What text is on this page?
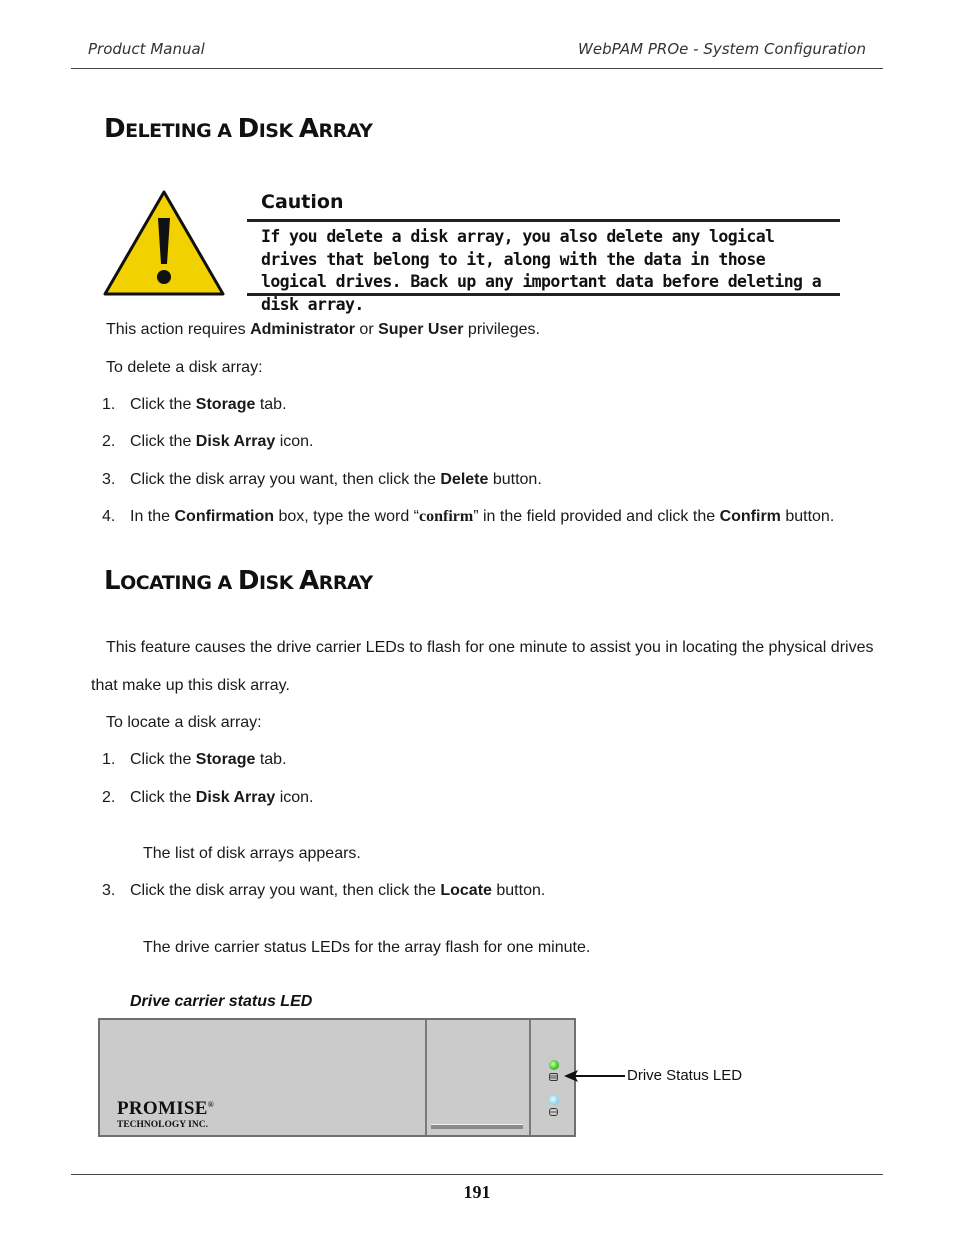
Product Manual	WebPAM PROe - System Configuration
DELETING A DISK ARRAY
Caution
If you delete a disk array, you also delete any logical drives that belong to it, along with the data in those logical drives. Back up any important data before deleting a disk array.
This action requires Administrator or Super User privileges.
To delete a disk array:
1. Click the Storage tab.
2. Click the Disk Array icon.
3. Click the disk array you want, then click the Delete button.
4. In the Confirmation box, type the word “confirm” in the field provided and click the Confirm button.
LOCATING A DISK ARRAY
This feature causes the drive carrier LEDs to flash for one minute to assist you in locating the physical drives
that make up this disk array.
To locate a disk array:
1. Click the Storage tab.
2. Click the Disk Array icon.
The list of disk arrays appears.
3. Click the disk array you want, then click the Locate button.
The drive carrier status LEDs for the array flash for one minute.
Drive carrier status LED
PROMISE®
TECHNOLOGY INC.
Drive Status LED
191
